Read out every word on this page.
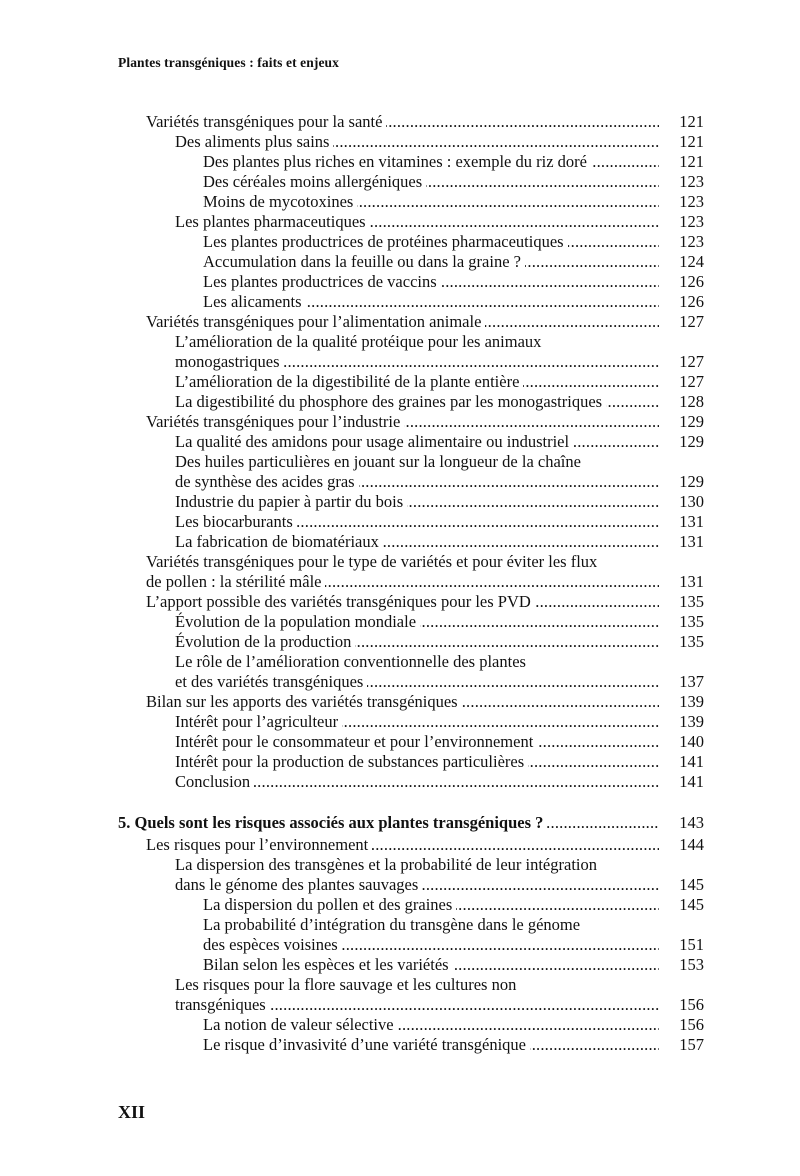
Plantes transgéniques : faits et enjeux
.....
Variétés transgéniques pour la santé	121
.....
Des aliments plus sains	121
.....
Des plantes plus riches en vitamines : exemple du riz doré	121
.....
Des céréales moins allergéniques	123
.....
Moins de mycotoxines	123
.....
Les plantes pharmaceutiques	123
.....
Les plantes productrices de protéines pharmaceutiques	123
.....
Accumulation dans la feuille ou dans la graine ?	124
.....
Les plantes productrices de vaccins	126
.....
Les alicaments	126
.....
Variétés transgéniques pour l’alimentation animale	127
L’amélioration de la qualité protéique pour les animaux
.....
monogastriques	127
.....
L’amélioration de la digestibilité de la plante entière	127
.....
La digestibilité du phosphore des graines par les monogastriques	128
.....
Variétés transgéniques pour l’industrie	129
.....
La qualité des amidons pour usage alimentaire ou industriel	129
Des huiles particulières en jouant sur la longueur de la chaîne
.....
de synthèse des acides gras	129
.....
Industrie du papier à partir du bois	130
.....
Les biocarburants	131
.....
La fabrication de biomatériaux	131
Variétés transgéniques pour le type de variétés et pour éviter les flux
.....
de pollen : la stérilité mâle	131
.....
L’apport possible des variétés transgéniques pour les PVD	135
.....
Évolution de la population mondiale	135
.....
Évolution de la production	135
Le rôle de l’amélioration conventionnelle des plantes
.....
et des variétés transgéniques	137
.....
Bilan sur les apports des variétés transgéniques	139
.....
Intérêt pour l’agriculteur	139
.....
Intérêt pour le consommateur et pour l’environnement	140
.....
Intérêt pour la production de substances particulières	141
.....
Conclusion	141
.....
5. Quels sont les risques associés aux plantes transgéniques ?	143
.....
Les risques pour l’environnement	144
La dispersion des transgènes et la probabilité de leur intégration
.....
dans le génome des plantes sauvages	145
.....
La dispersion du pollen et des graines	145
La probabilité d’intégration du transgène dans le génome
.....
des espèces voisines	151
.....
Bilan selon les espèces et les variétés	153
Les risques pour la flore sauvage et les cultures non
.....
transgéniques	156
.....
La notion de valeur sélective	156
.....
Le risque d’invasivité d’une variété transgénique	157
XII
